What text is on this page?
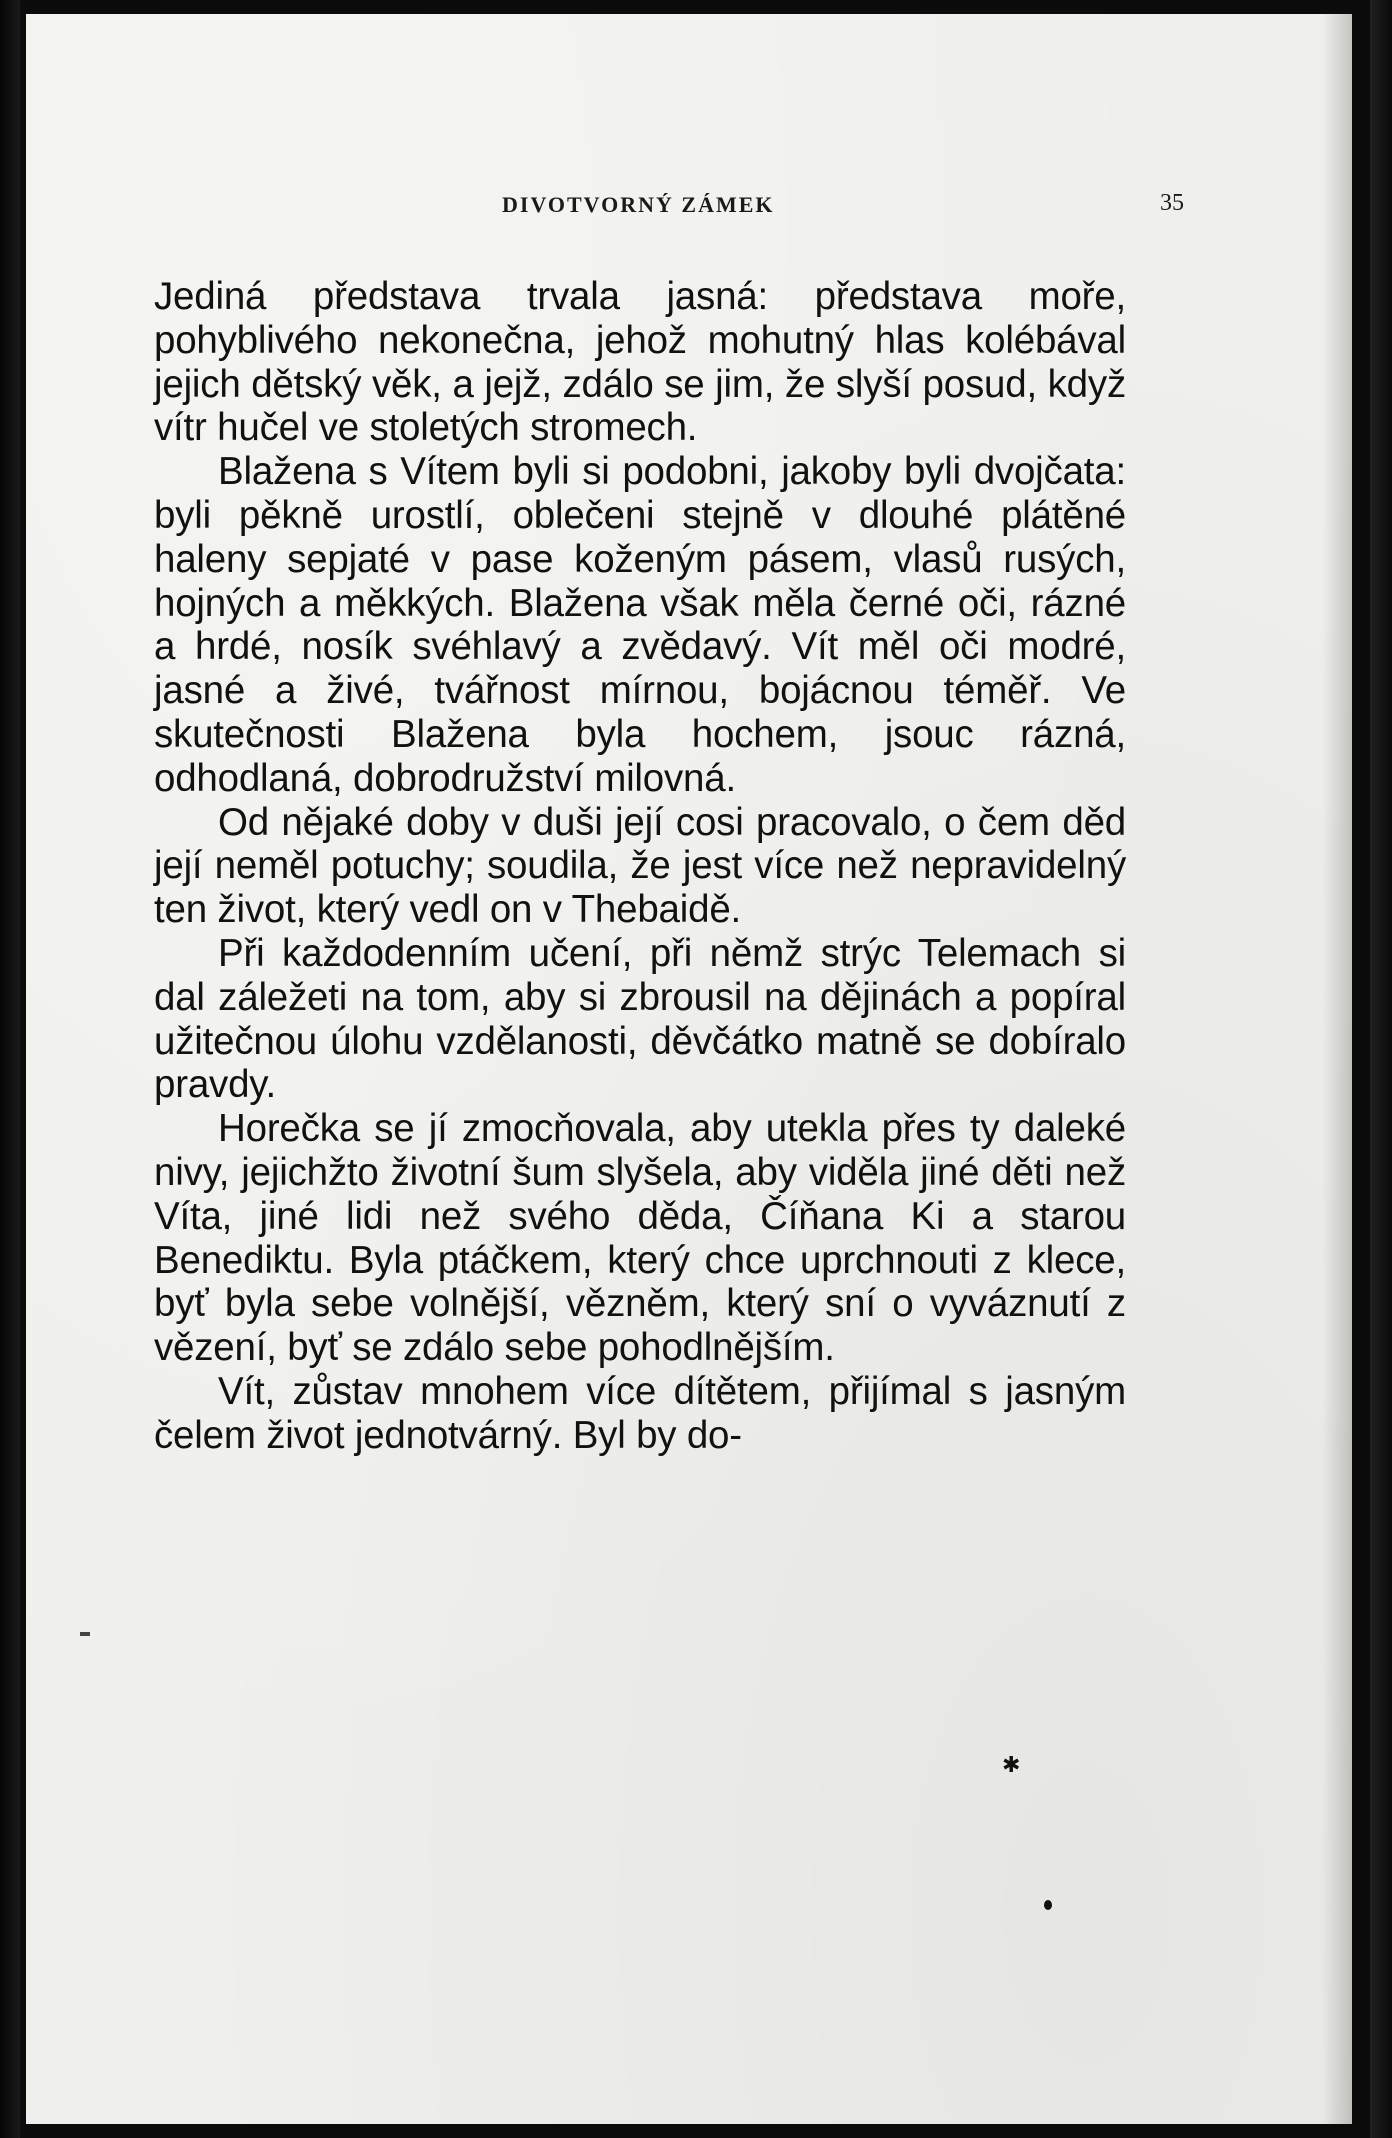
DIVOTVORNÝ ZÁMEK	35

Jediná představa trvala jasná: představa moře, pohyblivého nekonečna, jehož mohutný hlas kolébával jejich dětský věk, a jejž, zdálo se jim, že slyší posud, když vítr hučel ve stoletých stromech.

Blažena s Vítem byli si podobni, jakoby byli dvojčata: byli pěkně urostlí, oblečeni stejně v dlouhé plátěné haleny sepjaté v pase koženým pásem, vlasů rusých, hojných a měkkých. Blažena však měla černé oči, rázné a hrdé, nosík svéhlavý a zvědavý. Vít měl oči modré, jasné a živé, tvářnost mírnou, bojácnou téměř. Ve skutečnosti Blažena byla hochem, jsouc rázná, odhodlaná, dobrodružství milovná.

Od nějaké doby v duši její cosi pracovalo, o čem děd její neměl potuchy; soudila, že jest více než nepravidelný ten život, který vedl on v Thebaidě.

Při každodenním učení, při němž strýc Telemach si dal záležeti na tom, aby si zbrousil na dějinách a popíral užitečnou úlohu vzdělanosti, děvčátko matně se dobíralo pravdy.

Horečka se jí zmocňovala, aby utekla přes ty daleké nivy, jejichžto životní šum slyšela, aby viděla jiné děti než Víta, jiné lidi než svého děda, Číňana Ki a starou Benediktu. Byla ptáčkem, který chce uprchnouti z klece, byť byla sebe volnější, vězněm, který sní o vyváznutí z vězení, byť se zdálo sebe pohodlnějším.

Vít, zůstav mnohem více dítětem, přijímal s jasným čelem život jednotvárný. Byl by do-

✱
